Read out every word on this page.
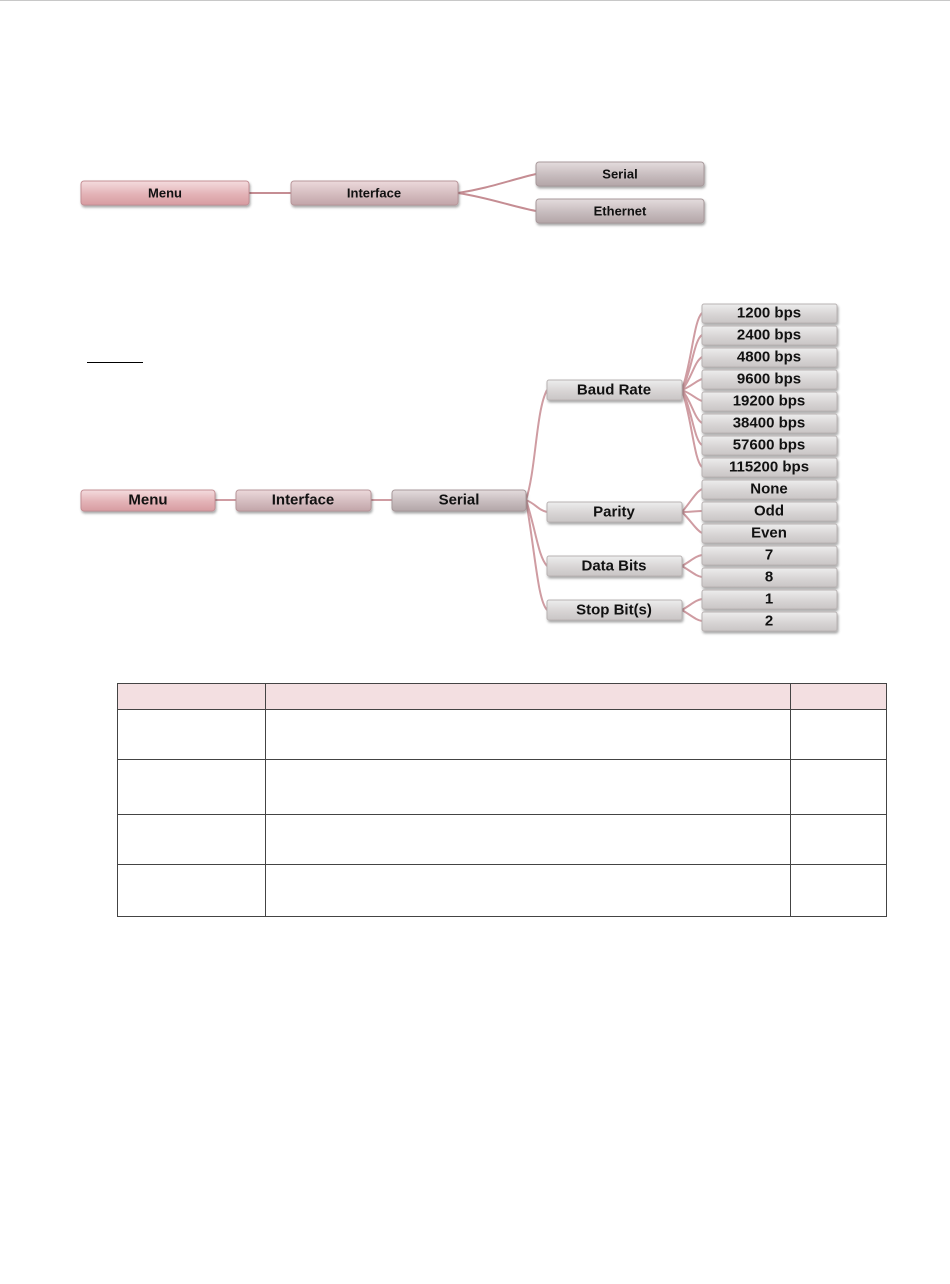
Menu	Interface
Serial
Ethernet
Menu	Interface	Serial
Baud Rate
Parity
Data Bits
Stop Bit(s)
1200 bps
2400 bps
4800 bps
9600 bps
19200 bps
38400 bps
57600 bps
115200 bps
None
Odd
Even
7
8
1
2
